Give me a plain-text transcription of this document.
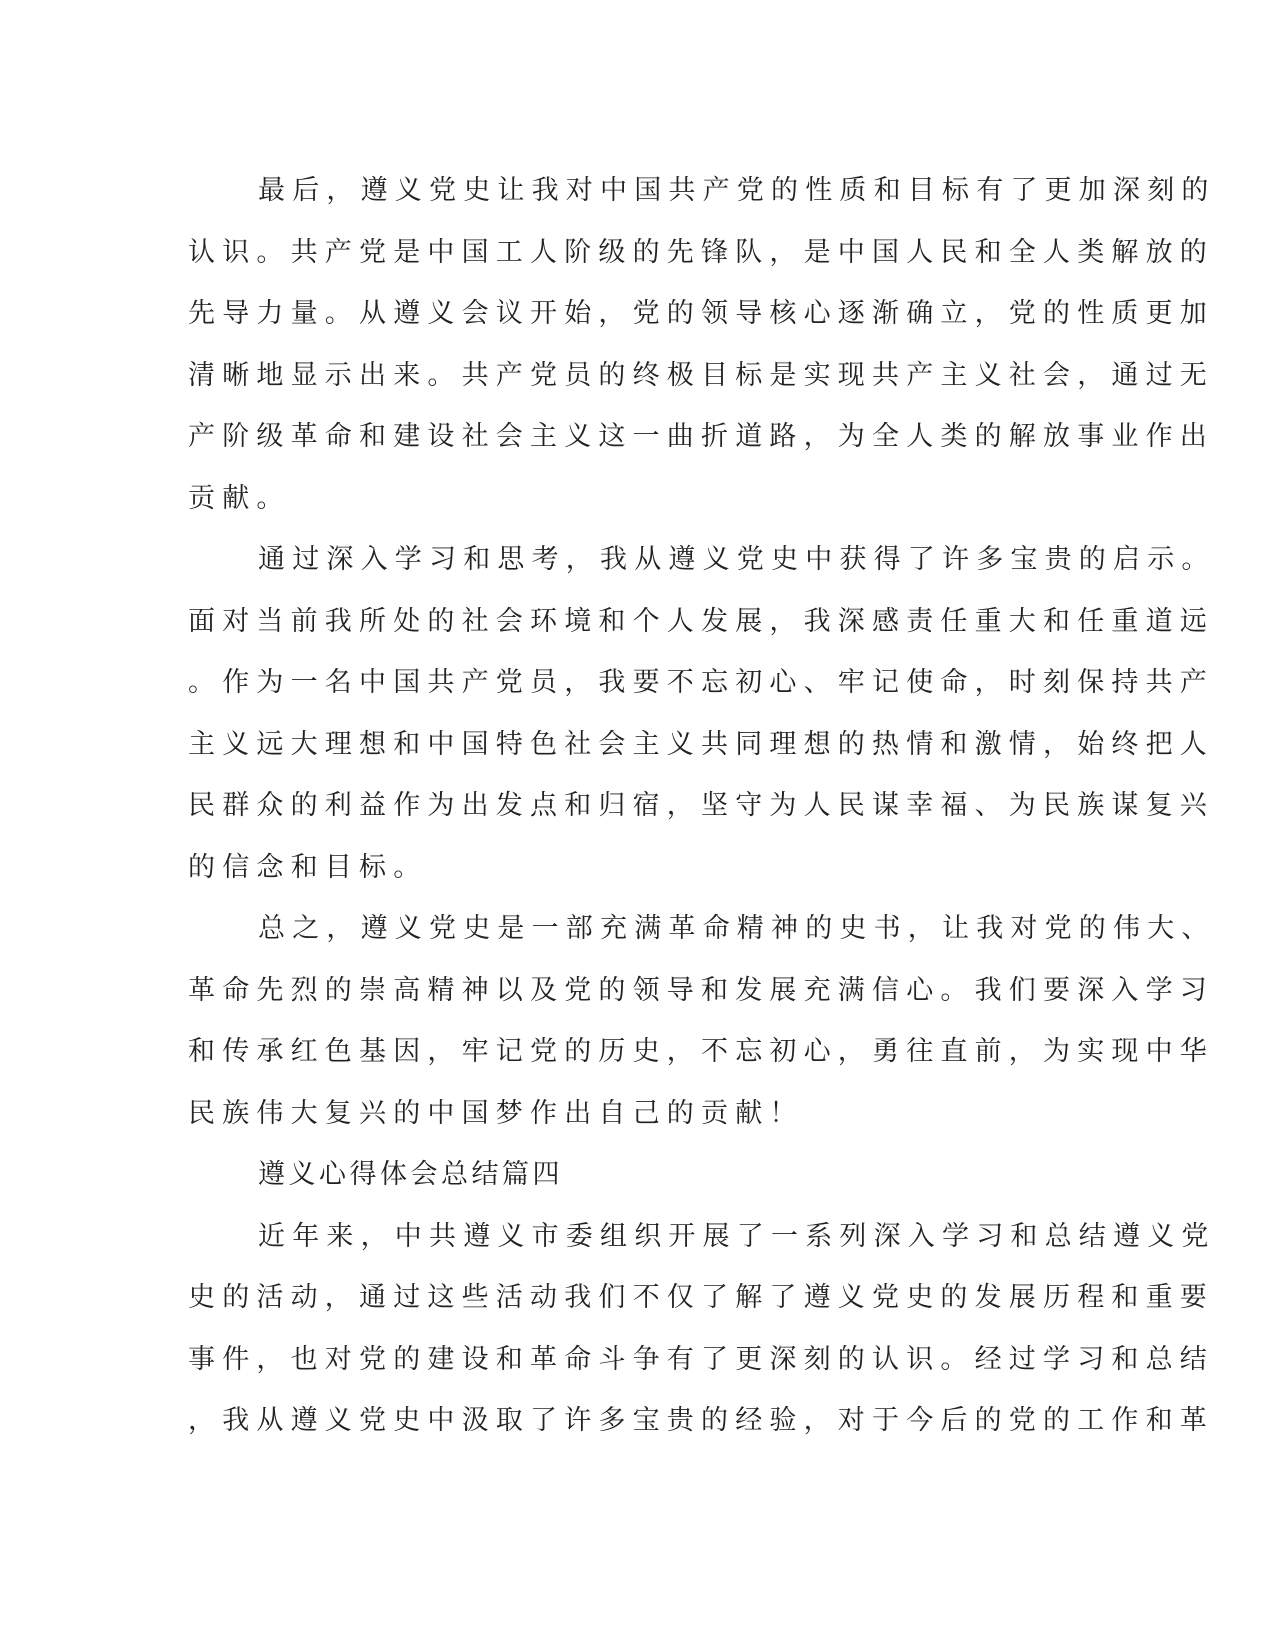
最后，遵义党史让我对中国共产党的性质和目标有了更加深刻的
认识。共产党是中国工人阶级的先锋队，是中国人民和全人类解放的
先导力量。从遵义会议开始，党的领导核心逐渐确立，党的性质更加
清晰地显示出来。共产党员的终极目标是实现共产主义社会，通过无
产阶级革命和建设社会主义这一曲折道路，为全人类的解放事业作出
贡献。
通过深入学习和思考，我从遵义党史中获得了许多宝贵的启示。
面对当前我所处的社会环境和个人发展，我深感责任重大和任重道远
。作为一名中国共产党员，我要不忘初心、牢记使命，时刻保持共产
主义远大理想和中国特色社会主义共同理想的热情和激情，始终把人
民群众的利益作为出发点和归宿，坚守为人民谋幸福、为民族谋复兴
的信念和目标。
总之，遵义党史是一部充满革命精神的史书，让我对党的伟大、
革命先烈的崇高精神以及党的领导和发展充满信心。我们要深入学习
和传承红色基因，牢记党的历史，不忘初心，勇往直前，为实现中华
民族伟大复兴的中国梦作出自己的贡献！
遵义心得体会总结篇四
近年来，中共遵义市委组织开展了一系列深入学习和总结遵义党
史的活动，通过这些活动我们不仅了解了遵义党史的发展历程和重要
事件，也对党的建设和革命斗争有了更深刻的认识。经过学习和总结
，我从遵义党史中汲取了许多宝贵的经验，对于今后的党的工作和革
